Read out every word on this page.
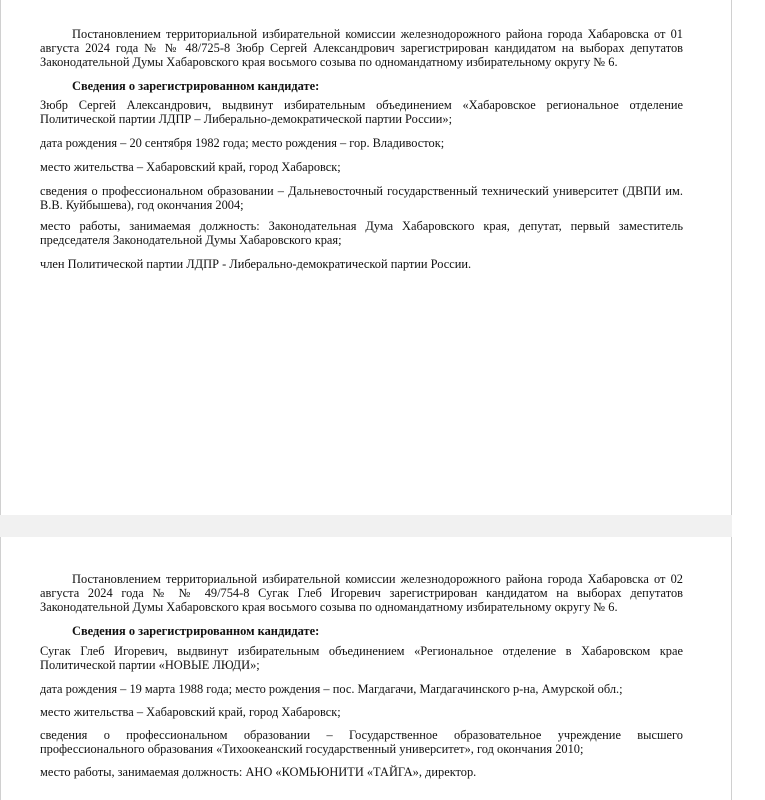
Постановлением территориальной избирательной комиссии железнодорожного района города Хабаровска от 01 августа 2024 года № № 48/725-8 Зюбр Сергей Александрович зарегистрирован кандидатом на выборах депутатов Законодательной Думы Хабаровского края восьмого созыва по одномандатному избирательному округу № 6.

Сведения о зарегистрированном кандидате:

Зюбр Сергей Александрович, выдвинут избирательным объединением «Хабаровское региональное отделение Политической партии ЛДПР – Либерально-демократической партии России»;

дата рождения – 20 сентября 1982 года; место рождения – гор. Владивосток;

место жительства – Хабаровский край, город Хабаровск;

сведения о профессиональном образовании – Дальневосточный государственный технический университет (ДВПИ им. В.В. Куйбышева), год окончания 2004;

место работы, занимаемая должность: Законодательная Дума Хабаровского края, депутат, первый заместитель председателя Законодательной Думы Хабаровского края;

член Политической партии ЛДПР - Либерально-демократической партии России.

Постановлением территориальной избирательной комиссии железнодорожного района города Хабаровска от 02 августа 2024 года № № 49/754-8 Сугак Глеб Игоревич зарегистрирован кандидатом на выборах депутатов Законодательной Думы Хабаровского края восьмого созыва по одномандатному избирательному округу № 6.

Сведения о зарегистрированном кандидате:

Сугак Глеб Игоревич, выдвинут избирательным объединением «Региональное отделение в Хабаровском крае Политической партии «НОВЫЕ ЛЮДИ»;

дата рождения – 19 марта 1988 года; место рождения – пос. Магдагачи, Магдагачинского р-на, Амурской обл.;

место жительства – Хабаровский край, город Хабаровск;

сведения о профессиональном образовании – Государственное образовательное учреждение высшего профессионального образования «Тихоокеанский государственный университет», год окончания 2010;

место работы, занимаемая должность: АНО «КОМЬЮНИТИ «ТАЙГА», директор.
